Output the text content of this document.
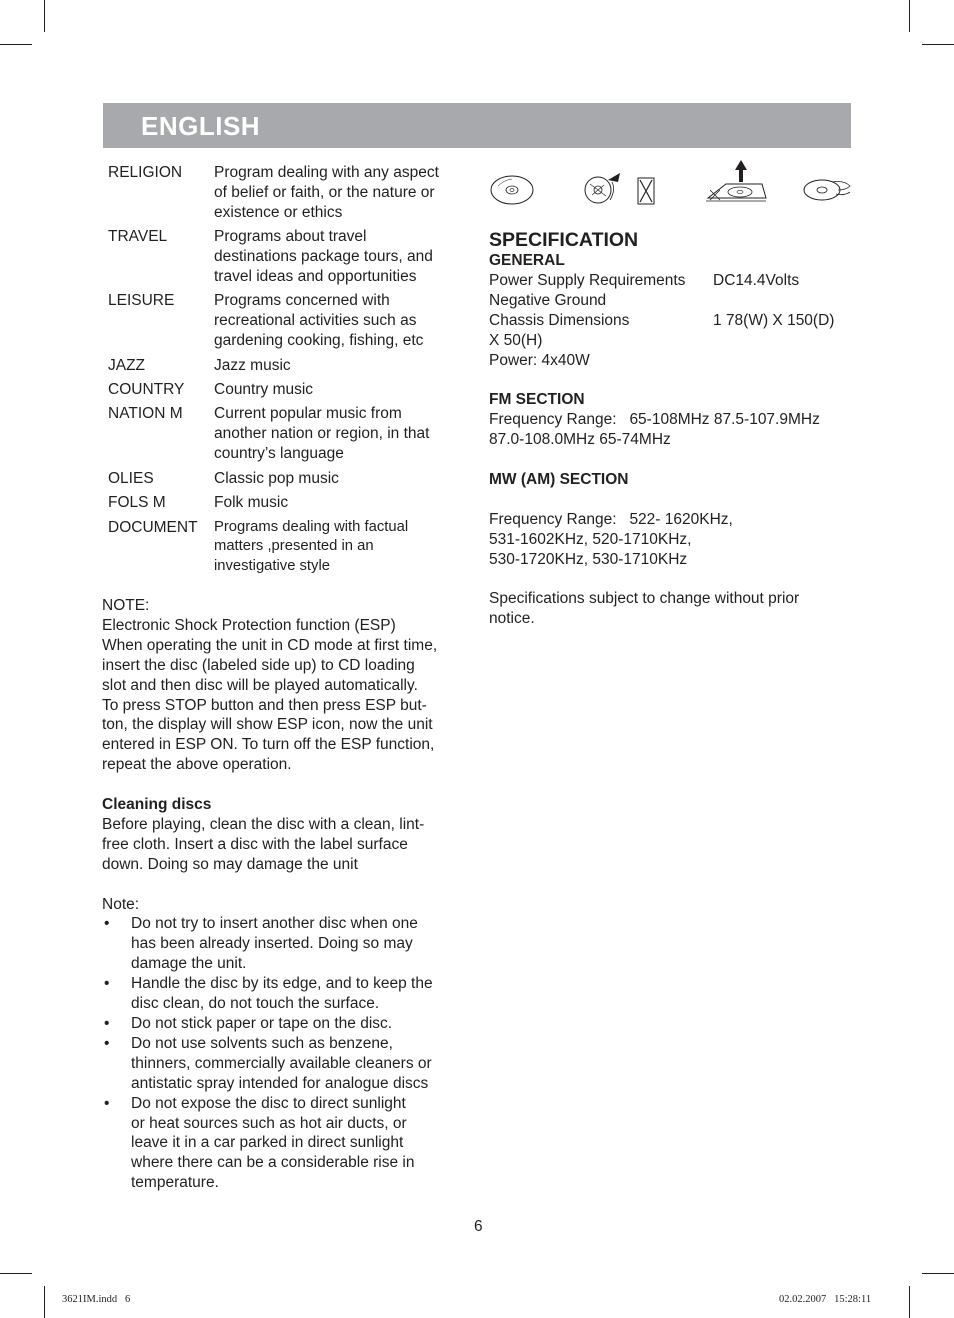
ENGLISH
RELIGION	Program dealing with any aspect
of belief or faith, or the nature or
existence or ethics
TRAVEL	Programs about travel
destinations package tours, and
travel ideas and opportunities
LEISURE	Programs concerned with
recreational activities such as
gardening cooking, fishing, etc
JAZZ	Jazz music
COUNTRY	Country music
NATION M	Current popular music from
another nation or region, in that
country’s language
OLIES	Classic pop music
FOLS M	Folk music
DOCUMENT	Programs dealing with factual
matters ,presented in an
investigative style

NOTE:

Electronic Shock Protection function (ESP)

When operating the unit in CD mode at first time,

insert the disc (labeled side up) to CD loading

slot and then disc will be played automatically.

To press STOP button and then press ESP but-

ton, the display will show ESP icon, now the unit

entered in ESP ON. To turn off the ESP function,

repeat the above operation.

Cleaning discs

Before playing, clean the disc with a clean, lint-

free cloth. Insert a disc with the label surface

down. Doing so may damage the unit

Note:

• Do not try to insert another disc when one
has been already inserted. Doing so may
damage the unit.
• Handle the disc by its edge, and to keep the
disc clean, do not touch the surface.
• Do not stick paper or tape on the disc.
• Do not use solvents such as benzene,
thinners, commercially available cleaners or
antistatic spray intended for analogue discs
• Do not expose the disc to direct sunlight
or heat sources such as hot air ducts, or
leave it in a car parked in direct sunlight
where there can be a considerable rise in
temperature.
SPECIFICATION

GENERAL

Power Supply Requirements	DC14.4Volts

Negative Ground

Chassis Dimensions	1 78(W) X 150(D)

X 50(H)

Power: 4x40W

FM SECTION

Frequency Range:   65-108MHz 87.5-107.9MHz

87.0-108.0MHz 65-74MHz

MW (AM) SECTION

Frequency Range:   522- 1620KHz,

531-1602KHz, 520-1710KHz,

530-1720KHz, 530-1710KHz

Specifications subject to change without prior

notice.

6
3621IM.indd   6	02.02.2007   15:28:11
